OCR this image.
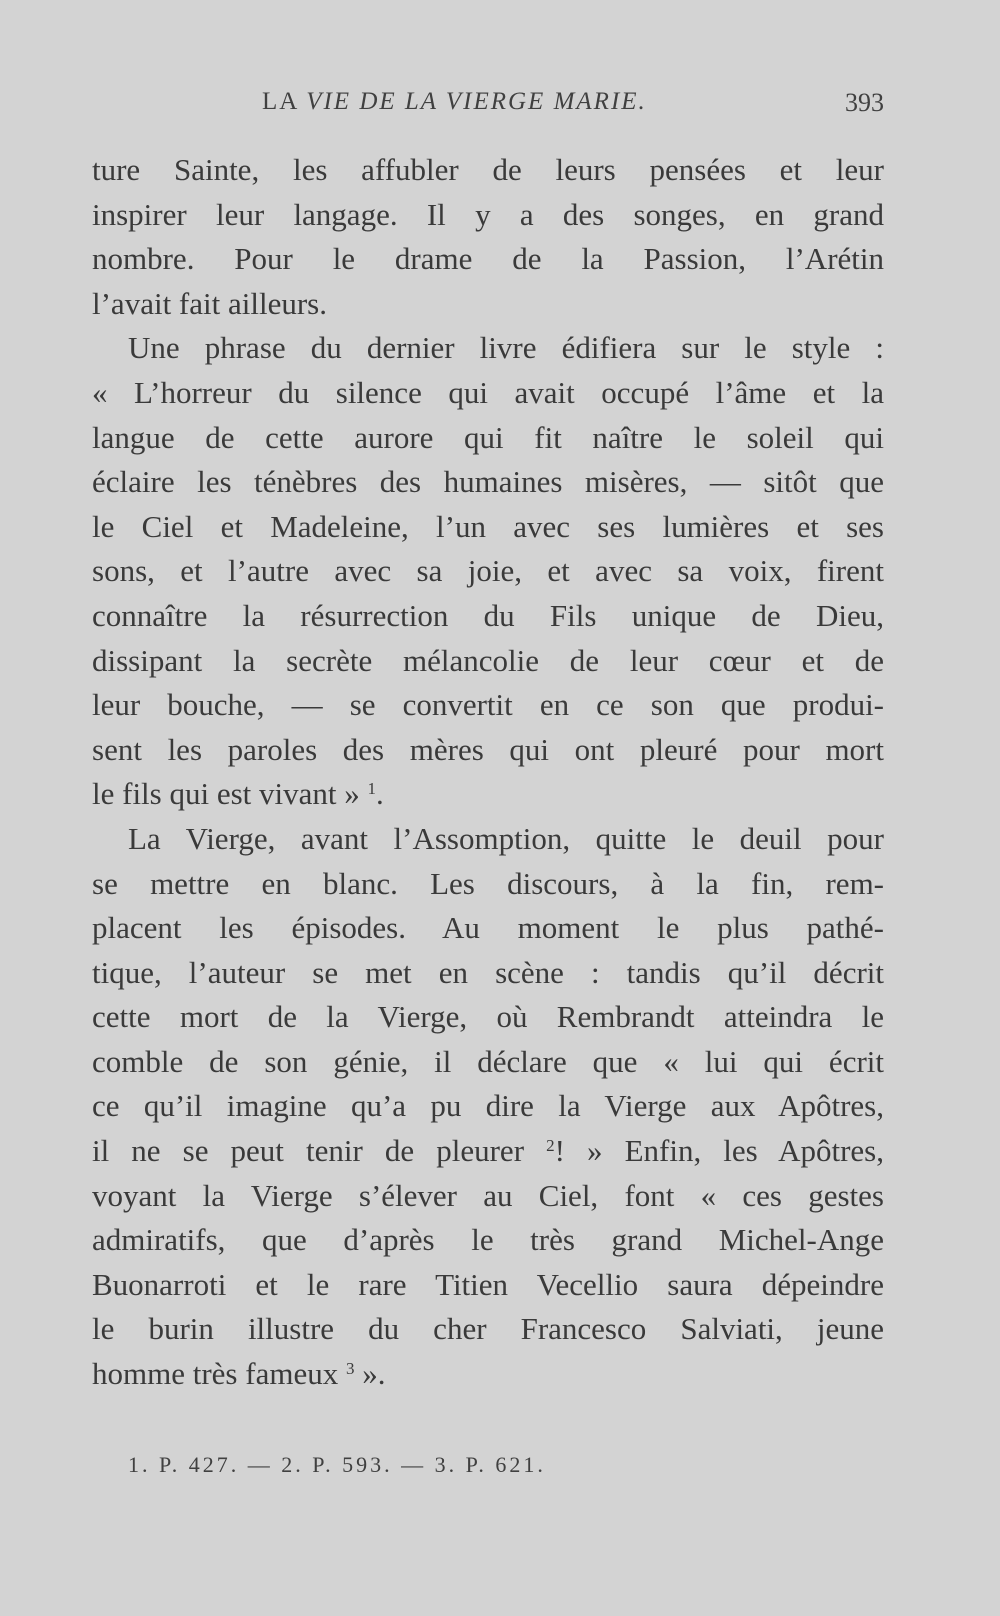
LA VIE DE LA VIERGE MARIE.	393
ture Sainte, les affubler de leurs pensées et leur
inspirer leur langage. Il y a des songes, en grand
nombre. Pour le drame de la Passion, l’Arétin
l’avait fait ailleurs.
Une phrase du dernier livre édifiera sur le style :
« L’horreur du silence qui avait occupé l’âme et la
langue de cette aurore qui fit naître le soleil qui
éclaire les ténèbres des humaines misères, — sitôt que
le Ciel et Madeleine, l’un avec ses lumières et ses
sons, et l’autre avec sa joie, et avec sa voix, firent
connaître la résurrection du Fils unique de Dieu,
dissipant la secrète mélancolie de leur cœur et de
leur bouche, — se convertit en ce son que produi-
sent les paroles des mères qui ont pleuré pour mort
le fils qui est vivant » $^1$.
La Vierge, avant l’Assomption, quitte le deuil pour
se mettre en blanc. Les discours, à la fin, rem-
placent les épisodes. Au moment le plus pathé-
tique, l’auteur se met en scène : tandis qu’il décrit
cette mort de la Vierge, où Rembrandt atteindra le
comble de son génie, il déclare que « lui qui écrit
ce qu’il imagine qu’a pu dire la Vierge aux Apôtres,
il ne se peut tenir de pleurer $^2$! » Enfin, les Apôtres,
voyant la Vierge s’élever au Ciel, font « ces gestes
admiratifs, que d’après le très grand Michel-Ange
Buonarroti et le rare Titien Vecellio saura dépeindre
le burin illustre du cher Francesco Salviati, jeune
homme très fameux $^3$ ».
1. P. 427. — 2. P. 593. — 3. P. 621.
